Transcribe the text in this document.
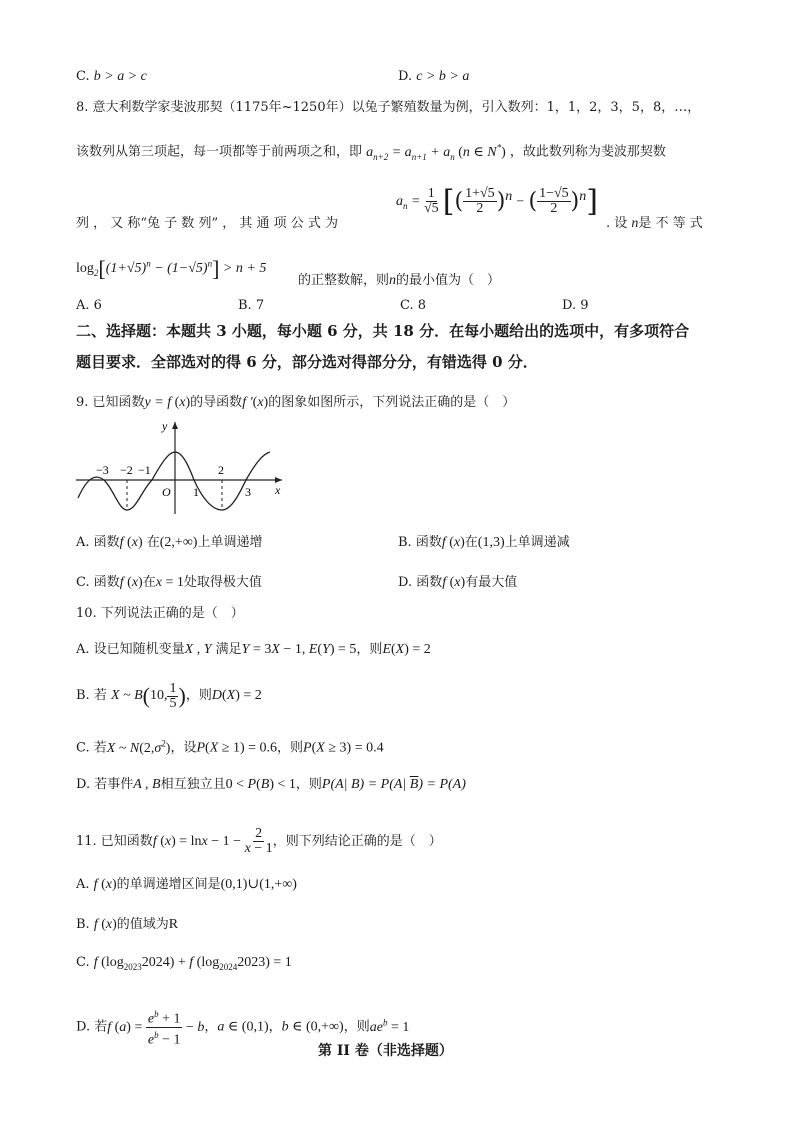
C. b > a > c	D. c > b > a
8. 意大利数学家斐波那契（1175年~1250年）以兔子繁殖数量为例，引入数列：1，1，2，3，5，8，…，
该数列从第三项起，每一项都等于前两项之和，即 $a_{n+2} = a_{n+1} + a_n$ (n ∈ N*) ，故此数列称为斐波那契数
$a_n = \frac{1}{√5}$ [( $\frac{1+√5}{2} )^n$ − ( $\frac{1-√5}{2} )^n$]
列 ， 又 称“兔 子 数 列” ， 其 通 项 公 式 为	. 设 n是 不 等 式
$\log_2[(1+√5)^n - (1-√5)^n] > n + 5$
的正整数解，则n的最小值为（　）
A. 6	B. 7	C. 8	D. 9
二、选择题：本题共 3 小题，每小题 6 分，共 18 分．在每小题给出的选项中，有多项符合
题目要求．全部选对的得 6 分，部分选对得部分分，有错选得 0 分．
9. 已知函数y = f (x)的导函数f ′(x)的图象如图所示，下列说法正确的是（　）
−3 −2 −1
O 1
2
3 x
y
A. 函数f (x) 在(2,+∞)上单调递增	B. 函数f (x)在(1,3)上单调递减
C. 函数f (x)在x = 1处取得极大值	D. 函数f (x)有最大值
10. 下列说法正确的是（　）
A. 设已知随机变量X , Y 满足Y = 3X − 1, E(Y) = 5，则E(X) = 2
B. 若 X ~ B(10, $\frac{1}{5}$ )，则D(X) = 2
C. 若X ~ $N(2,\sigma^2)$，设P(X ≥ 1) = 0.6，则P(X ≥ 3) = 0.4
D. 若事件A , B相互独立且0 < P(B) < 1，则P(A| B) = P(A| $\overline{B}) = P(A)$
11. 已知函数f $(x) = \ln x - 1 - \frac{2}{x - 1}$ ，则下列结论正确的是（　）
A. f (x)的单调递增区间是(0,1)∪(1,+∞)
B. f (x)的值域为R
C. f $(\log_{2023}2024) + f$ $(\log_{2024}2023) = 1$
D. 若f $(a) = \frac{e^b + 1}{e^b - 1} - b$，a ∈ (0,1)，b ∈ (0,+∞)，则$ae^b = 1$
第 II 卷（非选择题）
